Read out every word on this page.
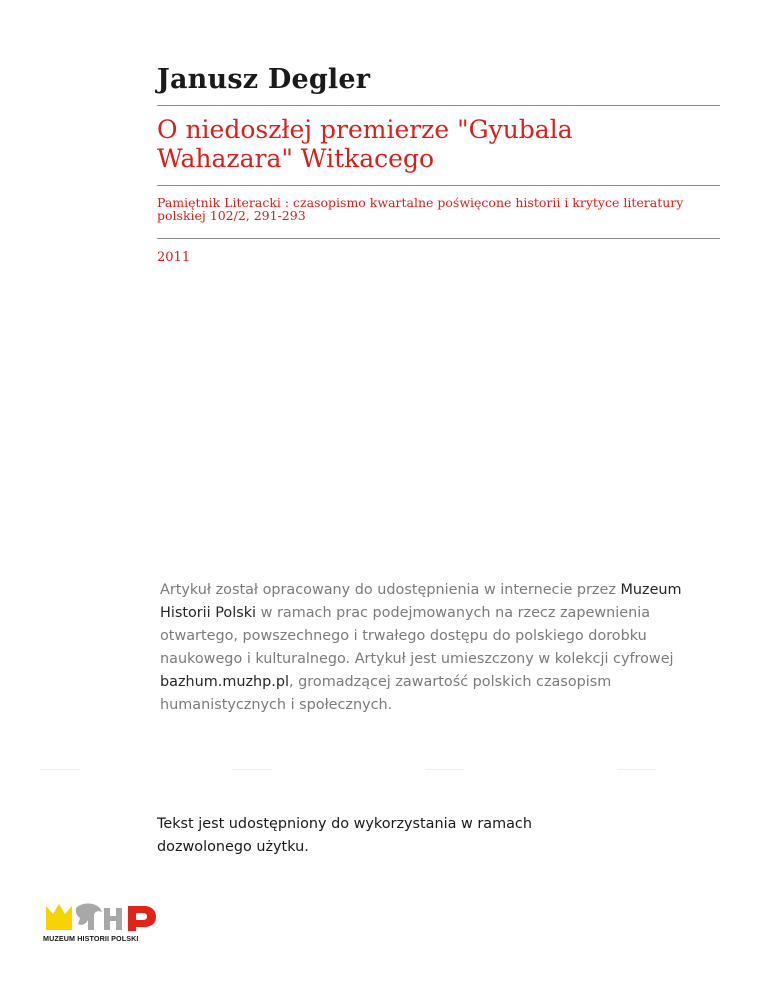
Janusz Degler
O niedoszłej premierze "Gyubala Wahazara" Witkacego
Pamiętnik Literacki : czasopismo kwartalne poświęcone historii i krytyce literatury polskiej 102/2, 291-293
2011
Artykuł został opracowany do udostępnienia w internecie przez Muzeum Historii Polski w ramach prac podejmowanych na rzecz zapewnienia otwartego, powszechnego i trwałego dostępu do polskiego dorobku naukowego i kulturalnego. Artykuł jest umieszczony w kolekcji cyfrowej bazhum.muzhp.pl, gromadzącej zawartość polskich czasopism humanistycznych i społecznych.
Tekst jest udostępniony do wykorzystania w ramach dozwolonego użytku.
MUZEUM HISTORII POLSKI
